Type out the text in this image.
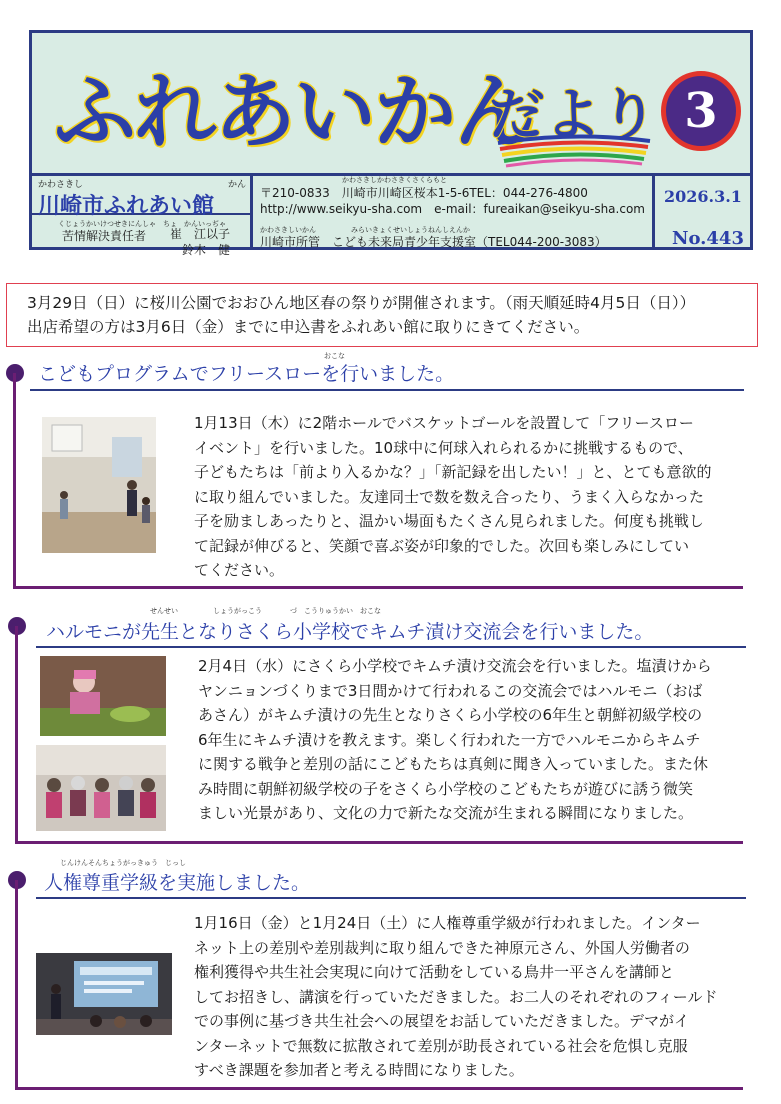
ふれあいかん
だより 3
かわさきし	かん
川崎市ふれあい館
くじょうかいけつせきにんしゃ　ちょ　かんいっぢゃ
苦情解決責任者 崔　江以子
鈴木　健
かわさきしかわさきくさくらもと
〒210-0833　川崎市川崎区桜本1-5-6TEL：044-276-4800
http://www.seikyu-sha.com　e-mail：fureaikan@seikyu-sha.com
かわさきしいかん　　　　　みらいきょくせいしょうねんしえんか
川崎市所管　こども未来局青少年支援室（TEL044-200-3083）
2026.3.1
No.443
3月29日（日）に桜川公園でおおひん地区春の祭りが開催されます。（雨天順延時4月5日（日））
出店希望の方は3月6日（金）までに申込書をふれあい館に取りにきてください。
おこな
こどもプログラムでフリースローを行いました。
1月13日（木）に2階ホールでバスケットゴールを設置して「フリースロー
イベント」を行いました。10球中に何球入れられるかに挑戦するもので、
子どもたちは「前より入るかな？」「新記録を出したい！」と、とても意欲的
に取り組んでいました。友達同士で数を数え合ったり、うまく入らなかった
子を励ましあったりと、温かい場面もたくさん見られました。何度も挑戦し
て記録が伸びると、笑顔で喜ぶ姿が印象的でした。次回も楽しみにしてい
てください。
せんせい　　　　　しょうがっこう　　　　づ　こうりゅうかい　おこな
ハルモニが先生となりさくら小学校でキムチ漬け交流会を行いました。
2月4日（水）にさくら小学校でキムチ漬け交流会を行いました。塩漬けから
ヤンニョンづくりまで3日間かけて行われるこの交流会ではハルモニ（おば
あさん）がキムチ漬けの先生となりさくら小学校の6年生と朝鮮初級学校の
6年生にキムチ漬けを教えます。楽しく行われた一方でハルモニからキムチ
に関する戦争と差別の話にこどもたちは真剣に聞き入っていました。また休
み時間に朝鮮初級学校の子をさくら小学校のこどもたちが遊びに誘う微笑
ましい光景があり、文化の力で新たな交流が生まれる瞬間になりました。
じんけんそんちょうがっきゅう　じっし
人権尊重学級を実施しました。
1月16日（金）と1月24日（土）に人権尊重学級が行われました。インター
ネット上の差別や差別裁判に取り組んできた神原元さん、外国人労働者の
権利獲得や共生社会実現に向けて活動をしている鳥井一平さんを講師と
してお招きし、講演を行っていただきました。お二人のそれぞれのフィールド
での事例に基づき共生社会への展望をお話していただきました。デマがイ
ンターネットで無数に拡散されて差別が助長されている社会を危惧し克服
すべき課題を参加者と考える時間になりました。
